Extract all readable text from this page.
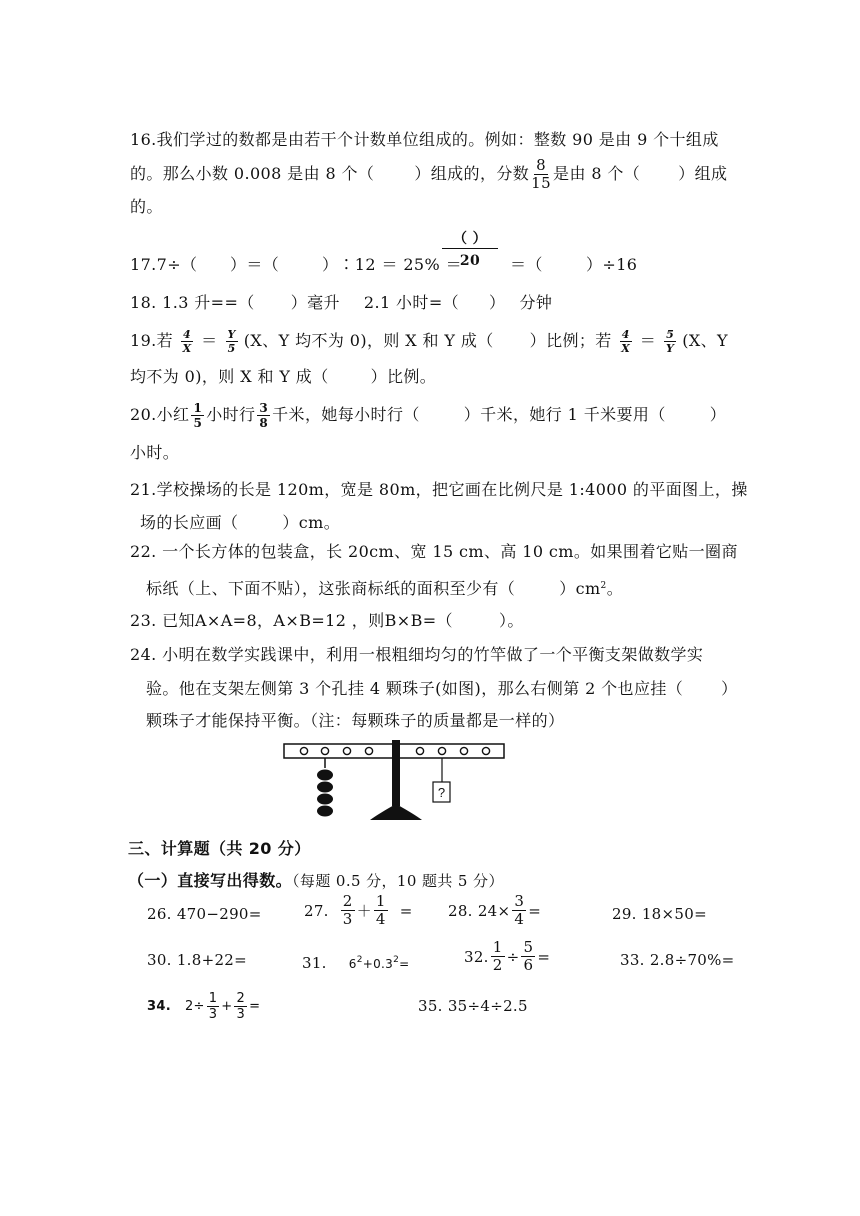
16.我们学过的数都是由若干个计数单位组成的。例如：整数 90 是由 9 个十组成
的。那么小数 0.008 是由 8 个（	）组成的，分数 $\frac{8}{15}$ 是由 8 个（ ）组成
的。
17.7÷（ ）＝（	）∶12 ＝ 25% ＝
（ ）
20	＝（	）÷16
18. 1.3 升==（ ）毫升 2.1 小时=（ ） 分钟
19.若 $\frac{4}{X} = \frac{Y}{5} (X$、Y 均不为 0)，则 X 和 Y 成（ ）比例；若 $\frac{4}{X} = \frac{5}{Y} (X$、Y
均不为 0)，则 X 和 Y 成（	）比例。
20.小红 $\frac{1}{5}$ 小时行 $\frac{3}{8}$ 千米，她每小时行（	）千米，她行 1 千米要用（	）
小时。
21.学校操场的长是 120m，宽是 80m，把它画在比例尺是 1:4000 的平面图上，操
场的长应画（	）cm。
22. 一个长方体的包装盒，长 20cm、宽 15 cm、高 10 cm。如果围着它贴一圈商
标纸（上、下面不贴），这张商标纸的面积至少有（	）$cm^2$。
23. 已知A×A=8，A×B=12 ，则B×B=（	）。
24. 小明在数学实践课中，利用一根粗细均匀的竹竿做了一个平衡支架做数学实
验。他在支架左侧第 3 个孔挂 4 颗珠子(如图)，那么右侧第 2 个也应挂（ ）
颗珠子才能保持平衡。（注：每颗珠子的质量都是一样的）
?
三、计算题（共 20 分）
（一）直接写出得数。（每题 0.5 分，10 题共 5 分）
26. 470−290=	27. $\frac{2}{3} + \frac{1}{4} = 28$. $24\times \frac{3}{4}$ =	29. 18×50=
30. 1.8+22=	31. $6^2+0.3^2=$	32. $\frac{1}{2} \div \frac{5}{6}$ =	33. 2.8÷70%=
34. $2\div \frac{1}{3} + \frac{2}{3}$ =	35. 35÷4÷2.5
